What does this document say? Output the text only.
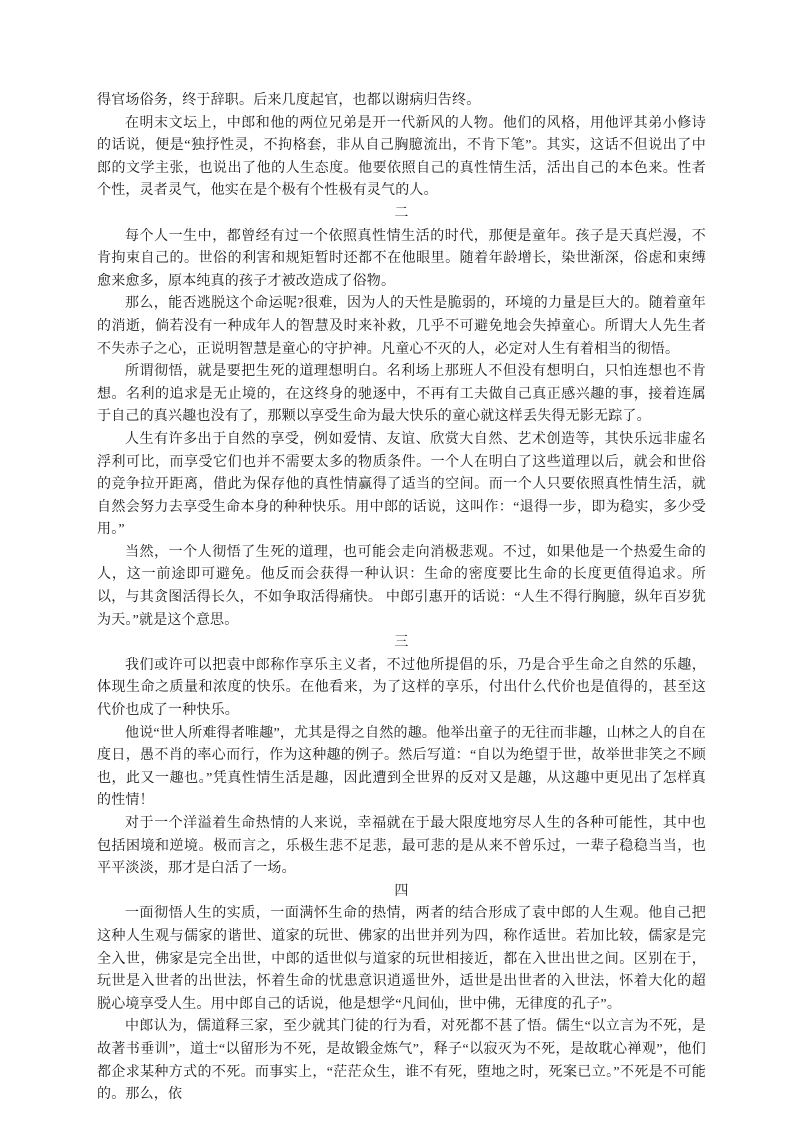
得官场俗务，终于辞职。后来几度起官，也都以谢病归告终。

在明末文坛上，中郎和他的两位兄弟是开一代新风的人物。他们的风格，用他评其弟小修诗的话说，便是“独抒性灵，不拘格套，非从自己胸臆流出，不肯下笔”。其实，这话不但说出了中郎的文学主张，也说出了他的人生态度。他要依照自己的真性情生活，活出自己的本色来。性者个性，灵者灵气，他实在是个极有个性极有灵气的人。

二

每个人一生中，都曾经有过一个依照真性情生活的时代，那便是童年。孩子是天真烂漫，不肯拘束自己的。世俗的利害和规矩暂时还都不在他眼里。随着年龄增长，染世渐深，俗虑和束缚愈来愈多，原本纯真的孩子才被改造成了俗物。

那么，能否逃脱这个命运呢?很难，因为人的天性是脆弱的，环境的力量是巨大的。随着童年的消逝，倘若没有一种成年人的智慧及时来补救，几乎不可避免地会失掉童心。所谓大人先生者不失赤子之心，正说明智慧是童心的守护神。凡童心不灭的人，必定对人生有着相当的彻悟。

所谓彻悟，就是要把生死的道理想明白。名利场上那班人不但没有想明白，只怕连想也不肯想。名利的追求是无止境的，在这终身的驰逐中，不再有工夫做自己真正感兴趣的事，接着连属于自己的真兴趣也没有了，那颗以享受生命为最大快乐的童心就这样丢失得无影无踪了。

人生有许多出于自然的享受，例如爱情、友谊、欣赏大自然、艺术创造等，其快乐远非虚名浮利可比，而享受它们也并不需要太多的物质条件。一个人在明白了这些道理以后，就会和世俗的竞争拉开距离，借此为保存他的真性情赢得了适当的空间。而一个人只要依照真性情生活，就自然会努力去享受生命本身的种种快乐。用中郎的话说，这叫作：“退得一步，即为稳实，多少受用。”

当然，一个人彻悟了生死的道理，也可能会走向消极悲观。不过，如果他是一个热爱生命的人，这一前途即可避免。他反而会获得一种认识：生命的密度要比生命的长度更值得追求。所以，与其贪图活得长久，不如争取活得痛快。 中郎引惠开的话说：“人生不得行胸臆，纵年百岁犹为天。”就是这个意思。

三

我们或许可以把袁中郎称作享乐主义者，不过他所提倡的乐，乃是合乎生命之自然的乐趣，体现生命之质量和浓度的快乐。在他看来，为了这样的享乐，付出什么代价也是值得的，甚至这代价也成了一种快乐。

他说“世人所难得者唯趣”，尤其是得之自然的趣。他举出童子的无往而非趣，山林之人的自在度日，愚不肖的率心而行，作为这种趣的例子。然后写道：“自以为绝望于世，故举世非笑之不顾也，此又一趣也。”凭真性情生活是趣，因此遭到全世界的反对又是趣，从这趣中更见出了怎样真的性情！

对于一个洋溢着生命热情的人来说，幸福就在于最大限度地穷尽人生的各种可能性，其中也包括困境和逆境。极而言之，乐极生悲不足悲，最可悲的是从来不曾乐过，一辈子稳稳当当，也平平淡淡，那才是白活了一场。

四

一面彻悟人生的实质，一面满怀生命的热情，两者的结合形成了袁中郎的人生观。他自己把这种人生观与儒家的谐世、道家的玩世、佛家的出世并列为四，称作适世。若加比较，儒家是完全入世，佛家是完全出世，中郎的适世似与道家的玩世相接近，都在入世出世之间。区别在于，玩世是入世者的出世法，怀着生命的忧患意识逍遥世外，适世是出世者的入世法，怀着大化的超脱心境享受人生。用中郎自己的话说，他是想学“凡间仙，世中佛，无律度的孔子”。

中郎认为，儒道释三家，至少就其门徒的行为看，对死都不甚了悟。儒生“以立言为不死，是故著书垂训”，道士“以留形为不死，是故锻金炼气”，释子“以寂灭为不死，是故耽心禅观”，他们都企求某种方式的不死。而事实上，“茫茫众生，谁不有死，堕地之时，死案已立。”不死是不可能的。那么，依
